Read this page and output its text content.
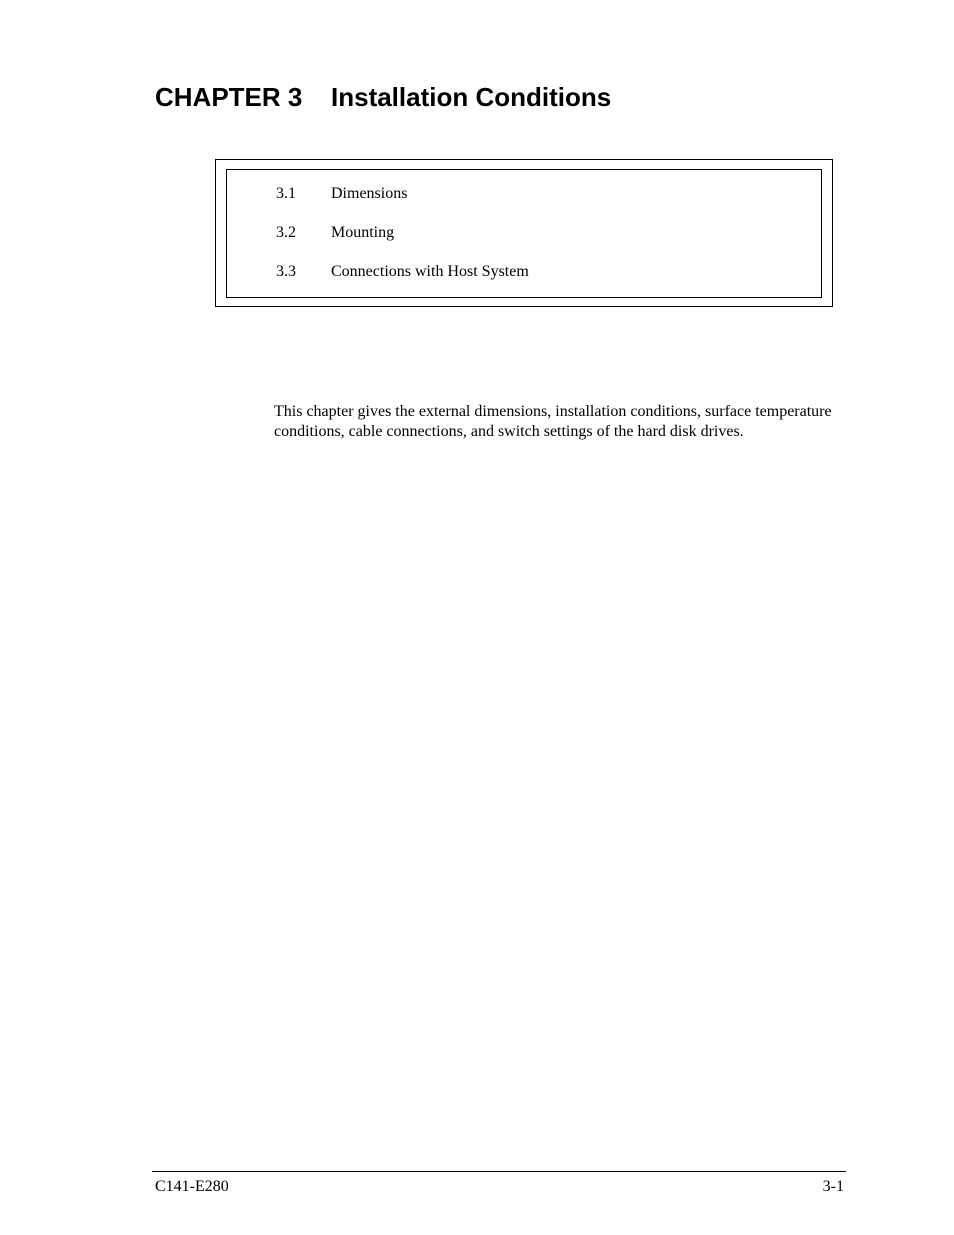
CHAPTER 3 Installation Conditions
3.1 Dimensions
3.2 Mounting
3.3 Connections with Host System

This chapter gives the external dimensions, installation conditions, surface temperature conditions, cable connections, and switch settings of the hard disk drives.

C141-E280	3-1
